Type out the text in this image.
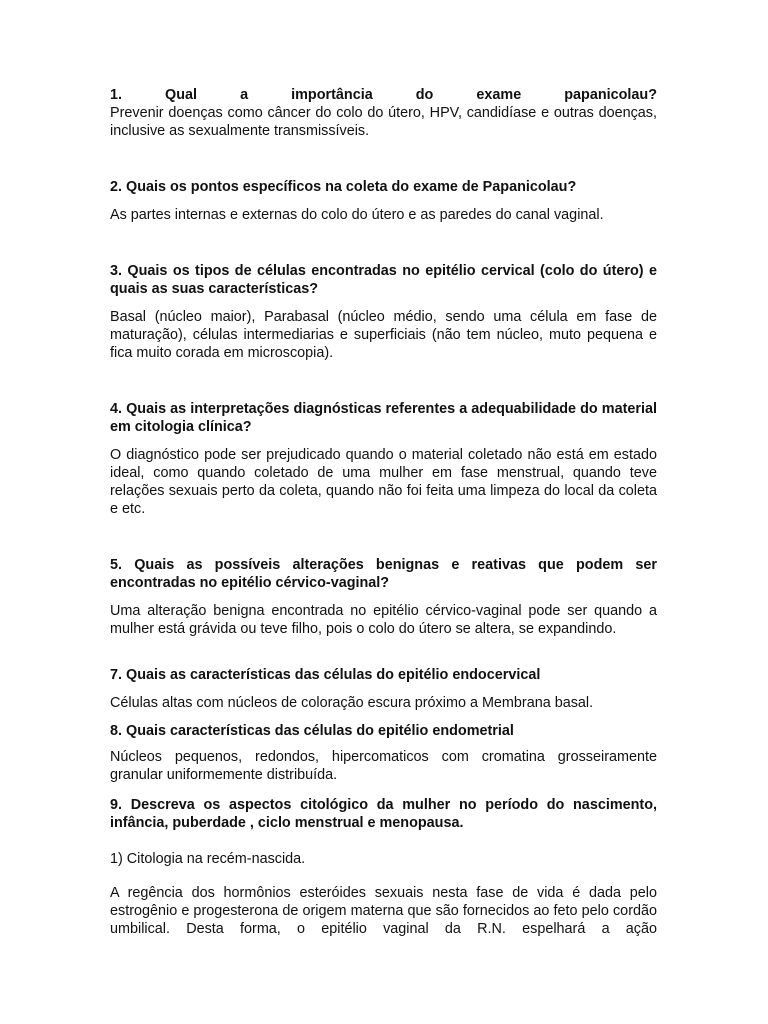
1. Qual a importância do exame papanicolau?

Prevenir doenças como câncer do colo do útero, HPV, candidíase e outras doenças, inclusive as sexualmente transmissíveis.

2. Quais os pontos específicos na coleta do exame de Papanicolau?

As partes internas e externas do colo do útero e as paredes do canal vaginal.

3. Quais os tipos de células encontradas no epitélio cervical (colo do útero) e quais as suas características?

Basal (núcleo maior), Parabasal (núcleo médio, sendo uma célula em fase de maturação), células intermediarias e superficiais (não tem núcleo, muto pequena e fica muito corada em microscopia).

4. Quais as interpretações diagnósticas referentes a adequabilidade do material em citologia clínica?

O diagnóstico pode ser prejudicado quando o material coletado não está em estado ideal, como quando coletado de uma mulher em fase menstrual, quando teve relações sexuais perto da coleta, quando não foi feita uma limpeza do local da coleta e etc.

5. Quais as possíveis alterações benignas e reativas que podem ser encontradas no epitélio cérvico-vaginal?

Uma alteração benigna encontrada no epitélio cérvico-vaginal pode ser quando a mulher está grávida ou teve filho, pois o colo do útero se altera, se expandindo.

7. Quais as características das células do epitélio endocervical

Células altas com núcleos de coloração escura próximo a Membrana basal.

8. Quais características das células do epitélio endometrial

Núcleos pequenos, redondos, hipercomaticos com cromatina grosseiramente granular uniformemente distribuída.

9. Descreva os aspectos citológico da mulher no período do nascimento, infância, puberdade , ciclo menstrual e menopausa.

1) Citologia na recém-nascida.

A regência dos hormônios esteróides sexuais nesta fase de vida é dada pelo estrogênio e progesterona de origem materna que são fornecidos ao feto pelo cordão umbilical. Desta forma, o epitélio vaginal da R.N. espelhará a ação
